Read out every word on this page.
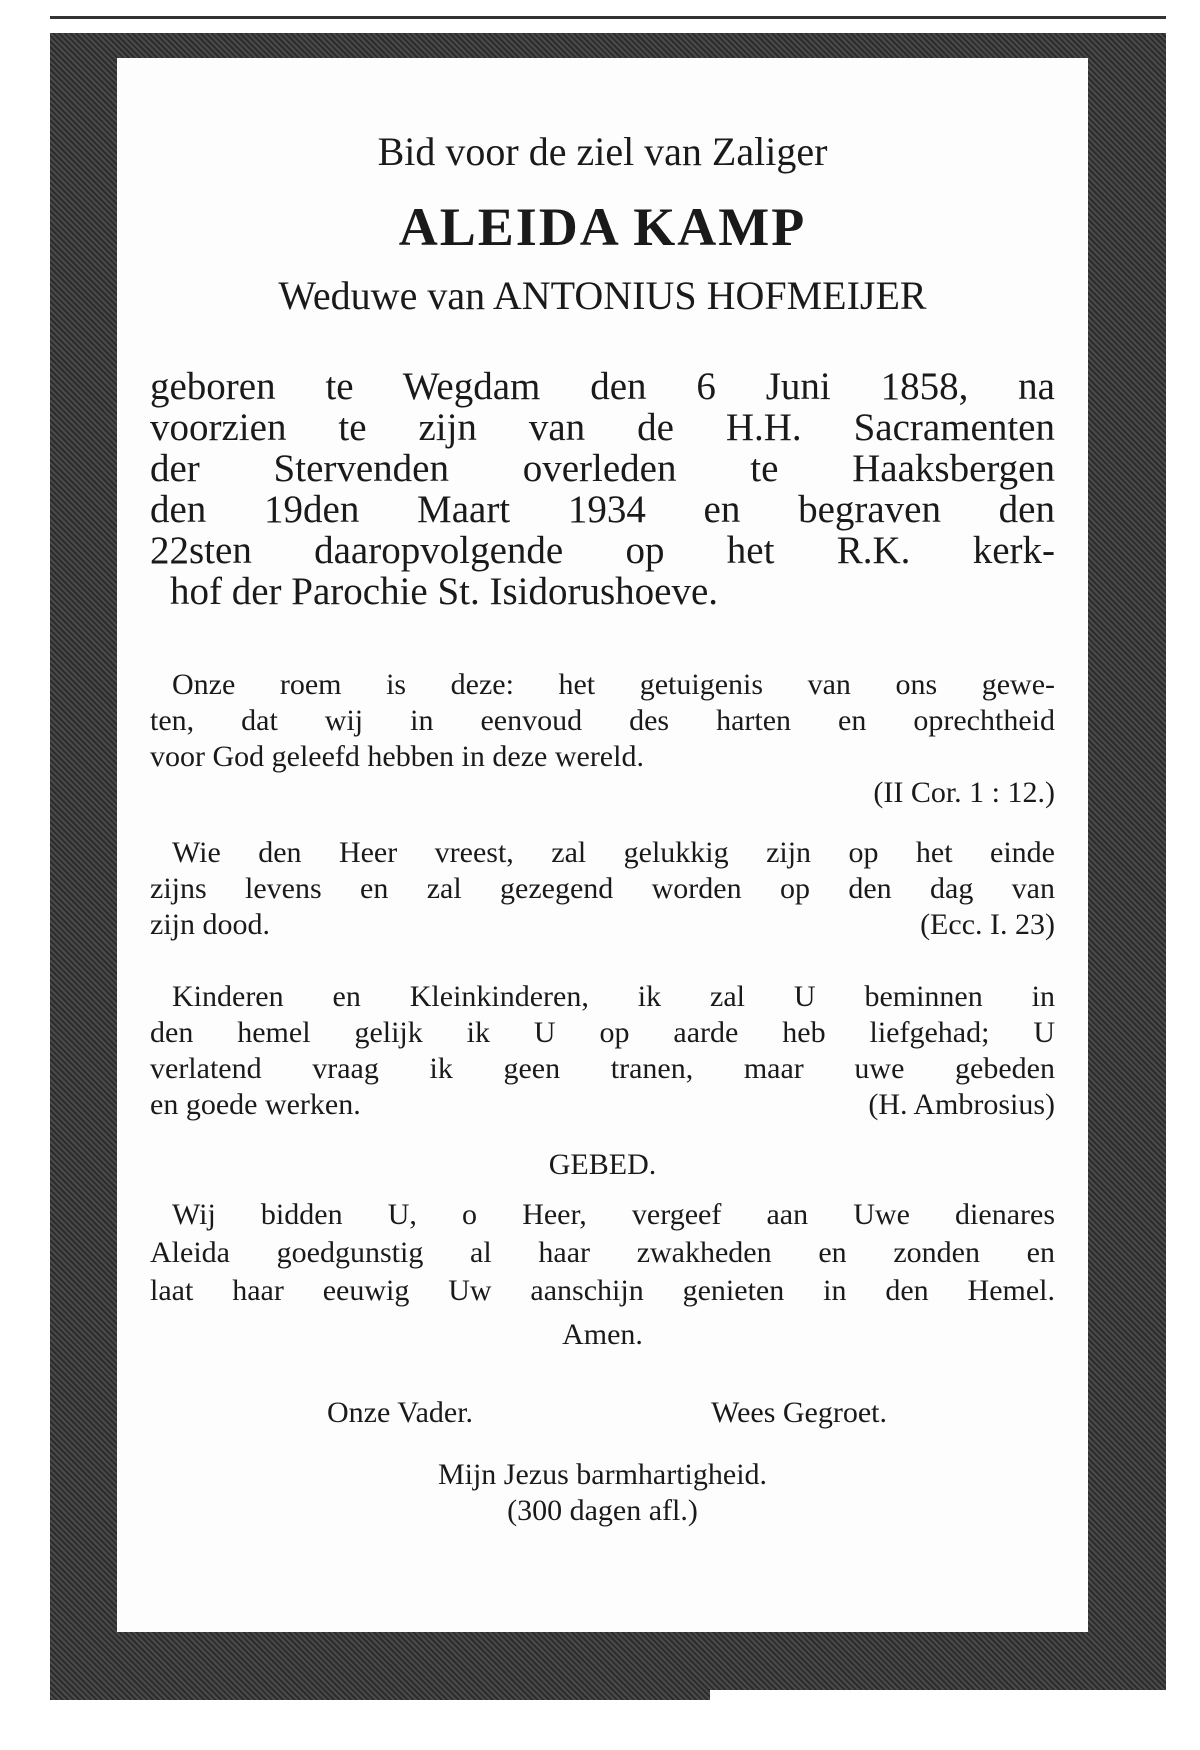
Bid voor de ziel van Zaliger
ALEIDA KAMP
Weduwe van ANTONIUS HOFMEIJER
geboren te Wegdam den 6 Juni 1858, na
voorzien te zijn van de H.H. Sacramenten
der Stervenden overleden te Haaksbergen
den 19den Maart 1934 en begraven den
22sten daaropvolgende op het R.K. kerk-
hof der Parochie St. Isidorushoeve.
Onze roem is deze: het getuigenis van ons gewe-
ten, dat wij in eenvoud des harten en oprechtheid
voor God geleefd hebben in deze wereld.
(II Cor. 1 : 12.)
Wie den Heer vreest, zal gelukkig zijn op het einde
zijns levens en zal gezegend worden op den dag van
zijn dood.	(Ecc. I. 23)
Kinderen en Kleinkinderen, ik zal U beminnen in
den hemel gelijk ik U op aarde heb liefgehad; U
verlatend vraag ik geen tranen, maar uwe gebeden
en goede werken.	(H. Ambrosius)
GEBED.
Wij bidden U, o Heer, vergeef aan Uwe dienares
Aleida goedgunstig al haar zwakheden en zonden en
laat haar eeuwig Uw aanschijn genieten in den Hemel.
Amen.
Onze Vader.	Wees Gegroet.
Mijn Jezus barmhartigheid.
(300 dagen afl.)
